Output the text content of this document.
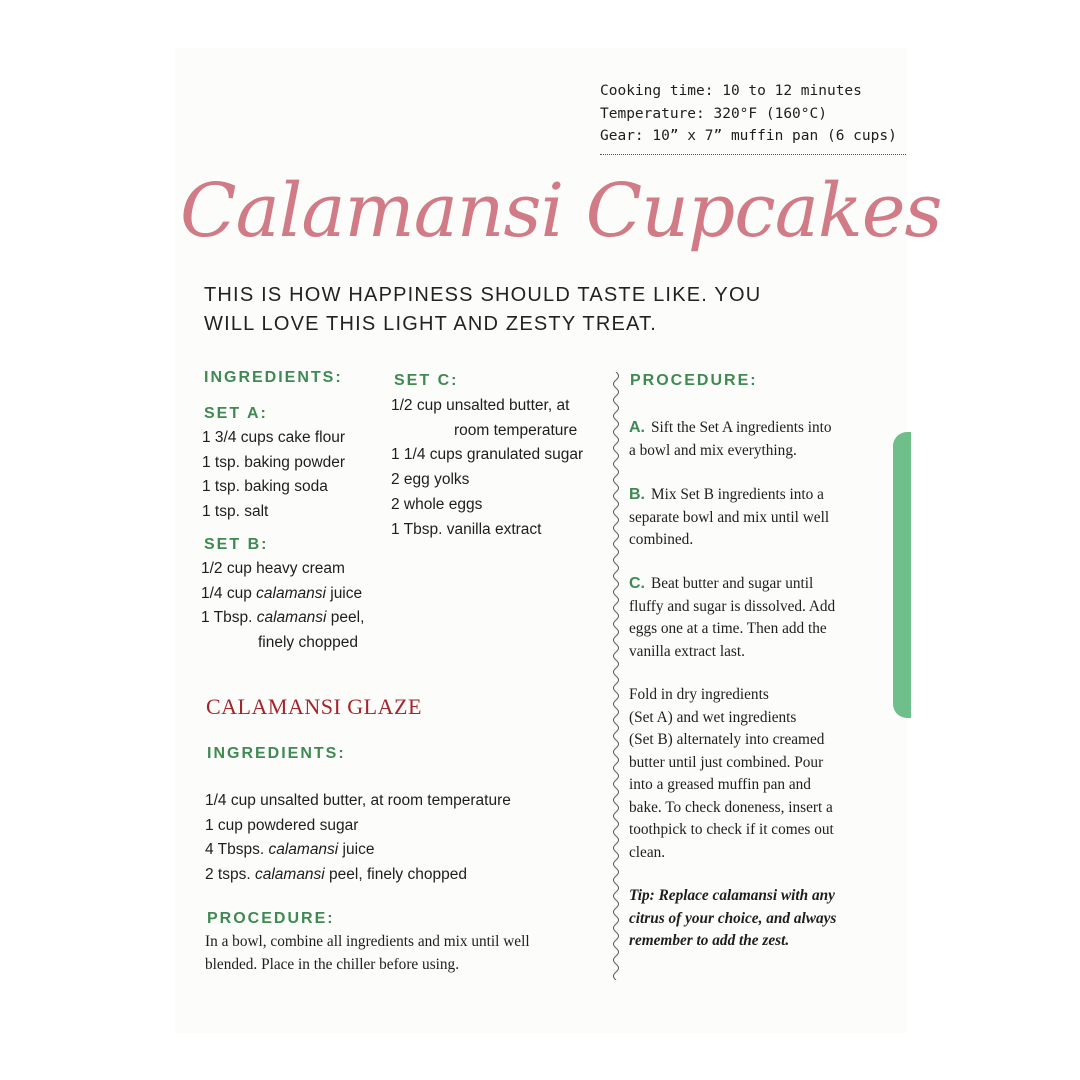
Cooking time: 10 to 12 minutes
Temperature: 320°F (160°C)
Gear: 10” x 7” muffin pan (6 cups)
Calamansi Cupcakes
THIS IS HOW HAPPINESS SHOULD TASTE LIKE. YOU WILL LOVE THIS LIGHT AND ZESTY TREAT.
INGREDIENTS:
SET A:
1 3/4 cups cake flour
1 tsp. baking powder
1 tsp. baking soda
1 tsp. salt
SET B:
1/2 cup heavy cream
1/4 cup calamansi juice
1 Tbsp. calamansi peel,
finely chopped
SET C:
1/2 cup unsalted butter, at
room temperature
1 1/4 cups granulated sugar
2 egg yolks
2 whole eggs
1 Tbsp. vanilla extract
PROCEDURE:
A. Sift the Set A ingredients into
a bowl and mix everything.
B. Mix Set B ingredients into a
separate bowl and mix until well
combined.
C. Beat butter and sugar until
fluffy and sugar is dissolved. Add
eggs one at a time. Then add the
vanilla extract last.
Fold in dry ingredients
(Set A) and wet ingredients
(Set B) alternately into creamed
butter until just combined. Pour
into a greased muffin pan and
bake. To check doneness, insert a
toothpick to check if it comes out
clean.
Tip: Replace calamansi with any
citrus of your choice, and always
remember to add the zest.
CALAMANSI GLAZE
INGREDIENTS:
1/4 cup unsalted butter, at room temperature
1 cup powdered sugar
4 Tbsps. calamansi juice
2 tsps. calamansi peel, finely chopped
PROCEDURE:
In a bowl, combine all ingredients and mix until well
blended. Place in the chiller before using.
